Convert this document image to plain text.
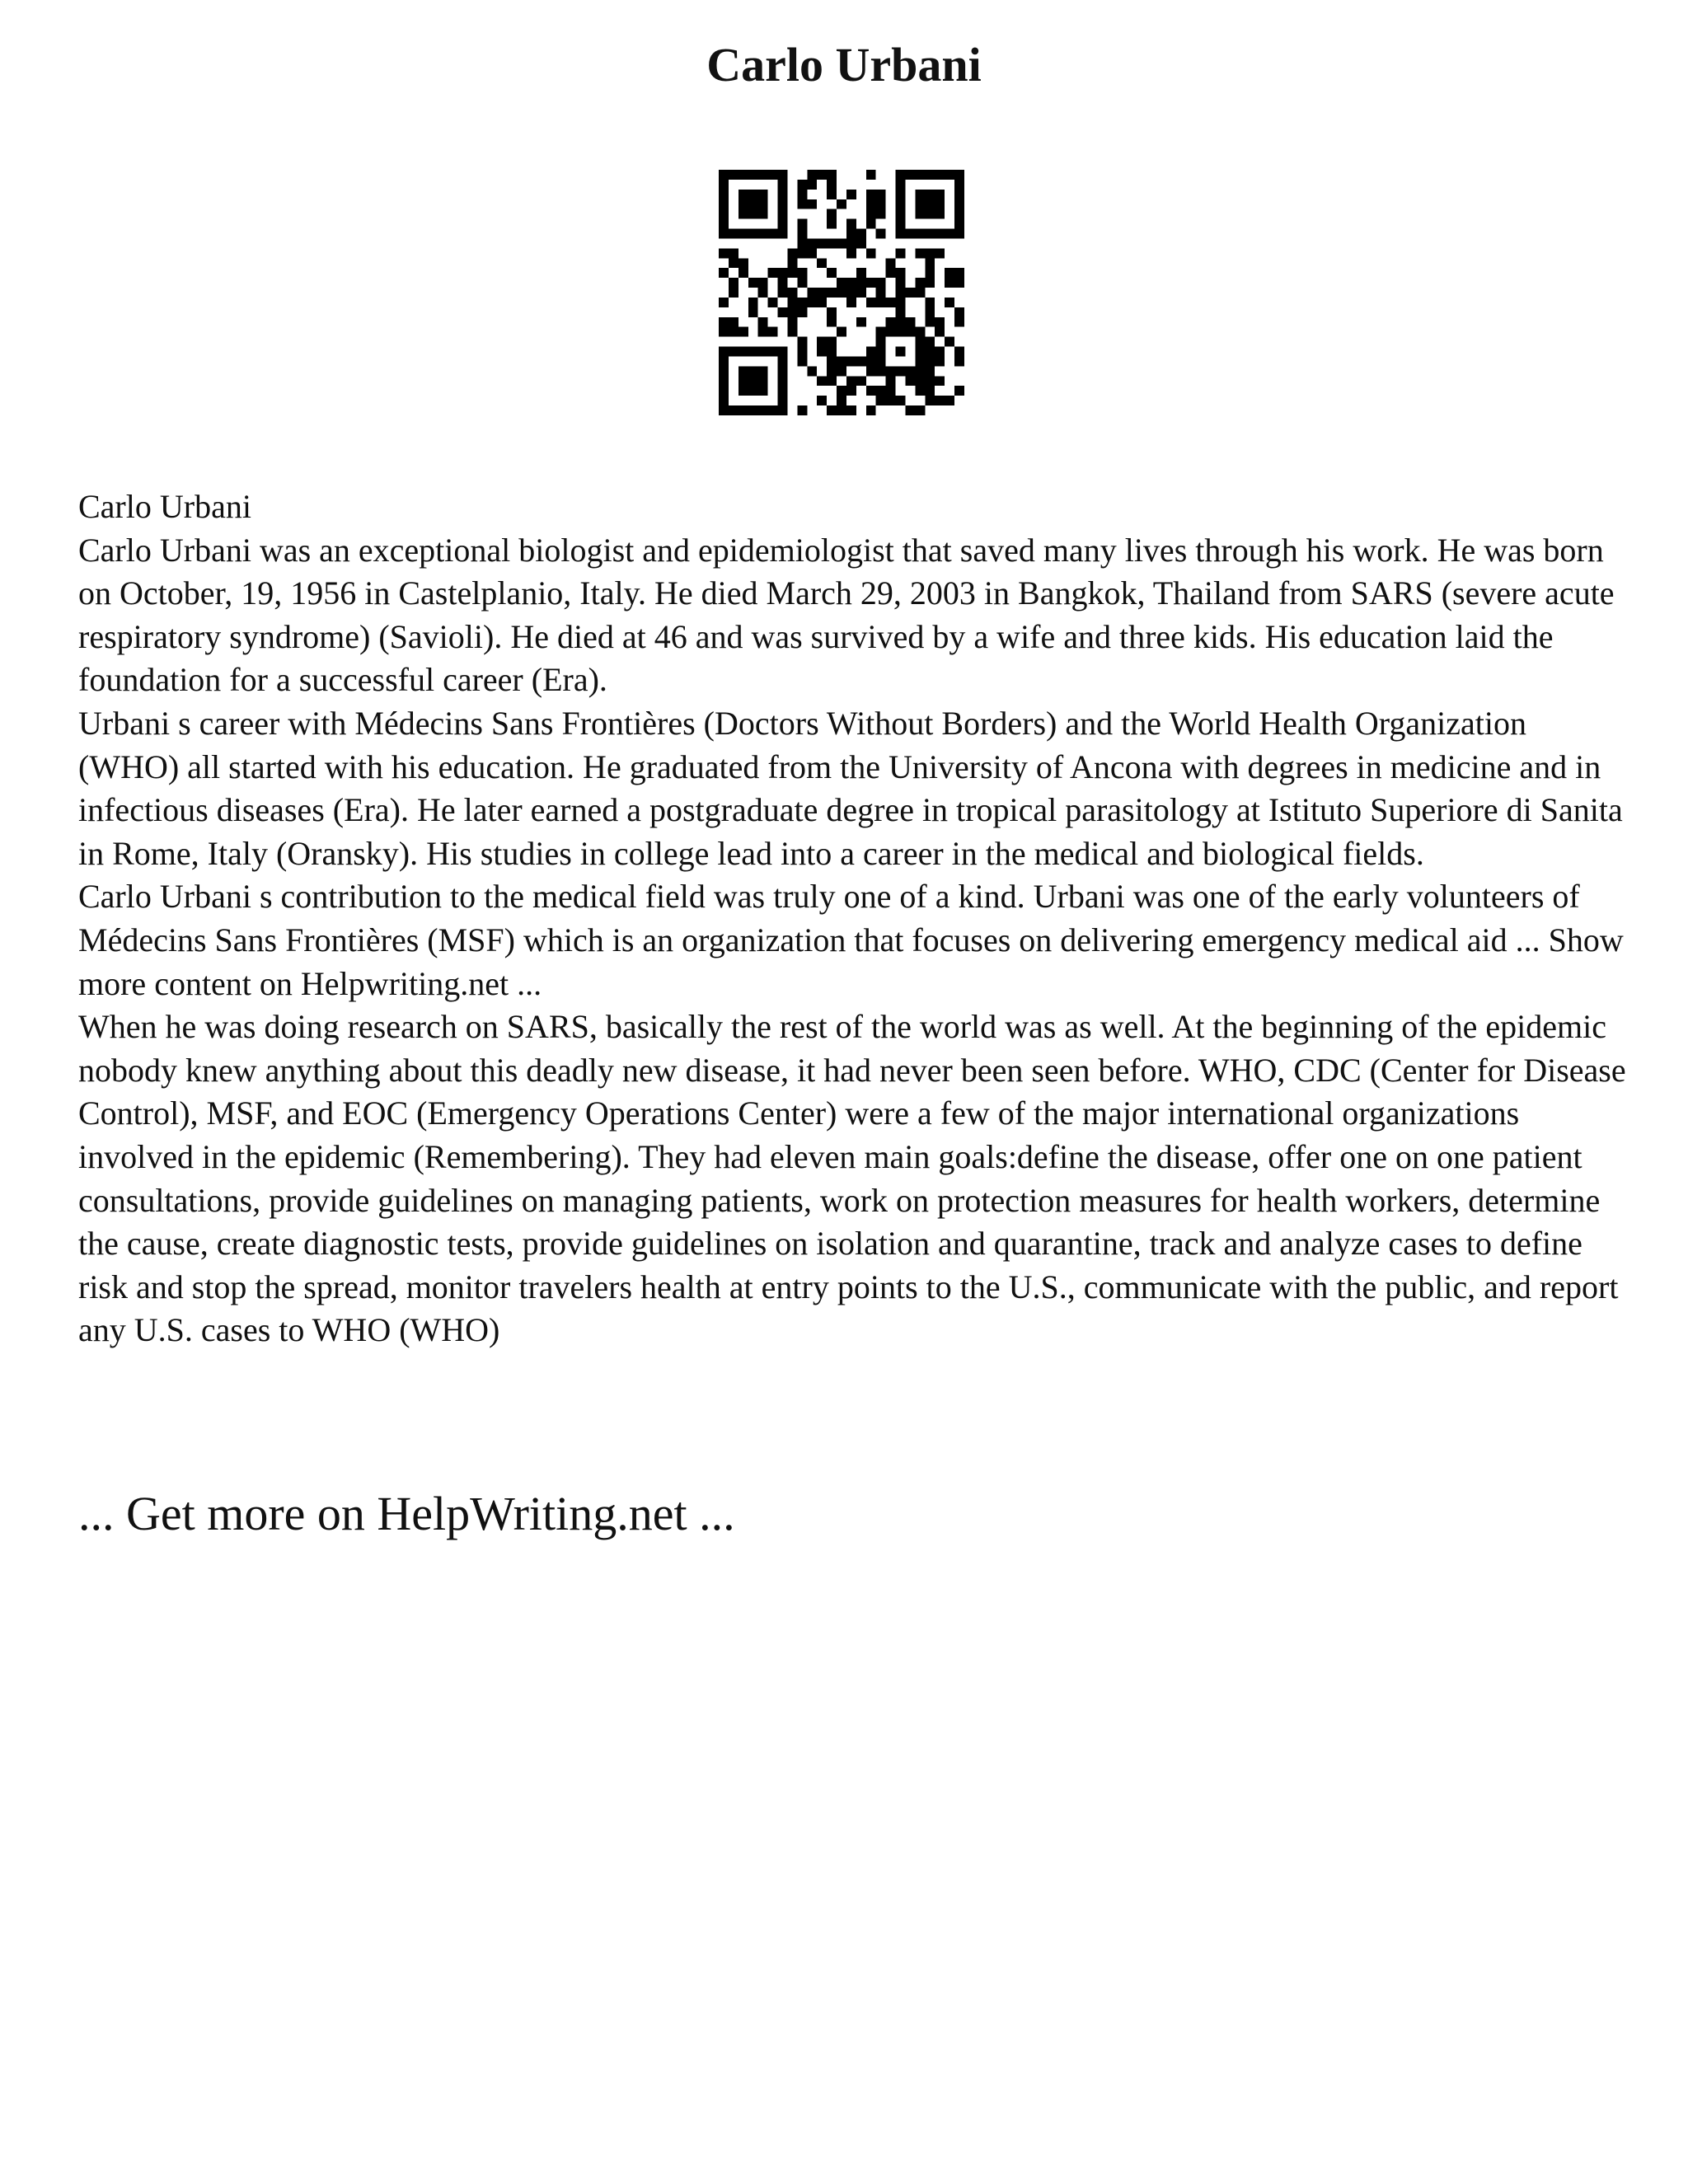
Carlo Urbani

Carlo Urbani

Carlo Urbani was an exceptional biologist and epidemiologist that saved many lives through his work. He was born on October, 19, 1956 in Castelplanio, Italy. He died March 29, 2003 in Bangkok, Thailand from SARS (severe acute respiratory syndrome) (Savioli). He died at 46 and was survived by a wife and three kids. His education laid the foundation for a successful career (Era).

Urbani s career with Médecins Sans Frontières (Doctors Without Borders) and the World Health Organization (WHO) all started with his education. He graduated from the University of Ancona with degrees in medicine and in infectious diseases (Era). He later earned a postgraduate degree in tropical parasitology at Istituto Superiore di Sanita in Rome, Italy (Oransky). His studies in college lead into a career in the medical and biological fields.

Carlo Urbani s contribution to the medical field was truly one of a kind. Urbani was one of the early volunteers of Médecins Sans Frontières (MSF) which is an organization that focuses on delivering emergency medical aid ... Show more content on Helpwriting.net ...

When he was doing research on SARS, basically the rest of the world was as well. At the beginning of the epidemic nobody knew anything about this deadly new disease, it had never been seen before. WHO, CDC (Center for Disease Control), MSF, and EOC (Emergency Operations Center) were a few of the major international organizations involved in the epidemic (Remembering). They had eleven main goals:define the disease, offer one on one patient consultations, provide guidelines on managing patients, work on protection measures for health workers, determine the cause, create diagnostic tests, provide guidelines on isolation and quarantine, track and analyze cases to define risk and stop the spread, monitor travelers health at entry points to the U.S., communicate with the public, and report any U.S. cases to WHO (WHO)

... Get more on HelpWriting.net ...
